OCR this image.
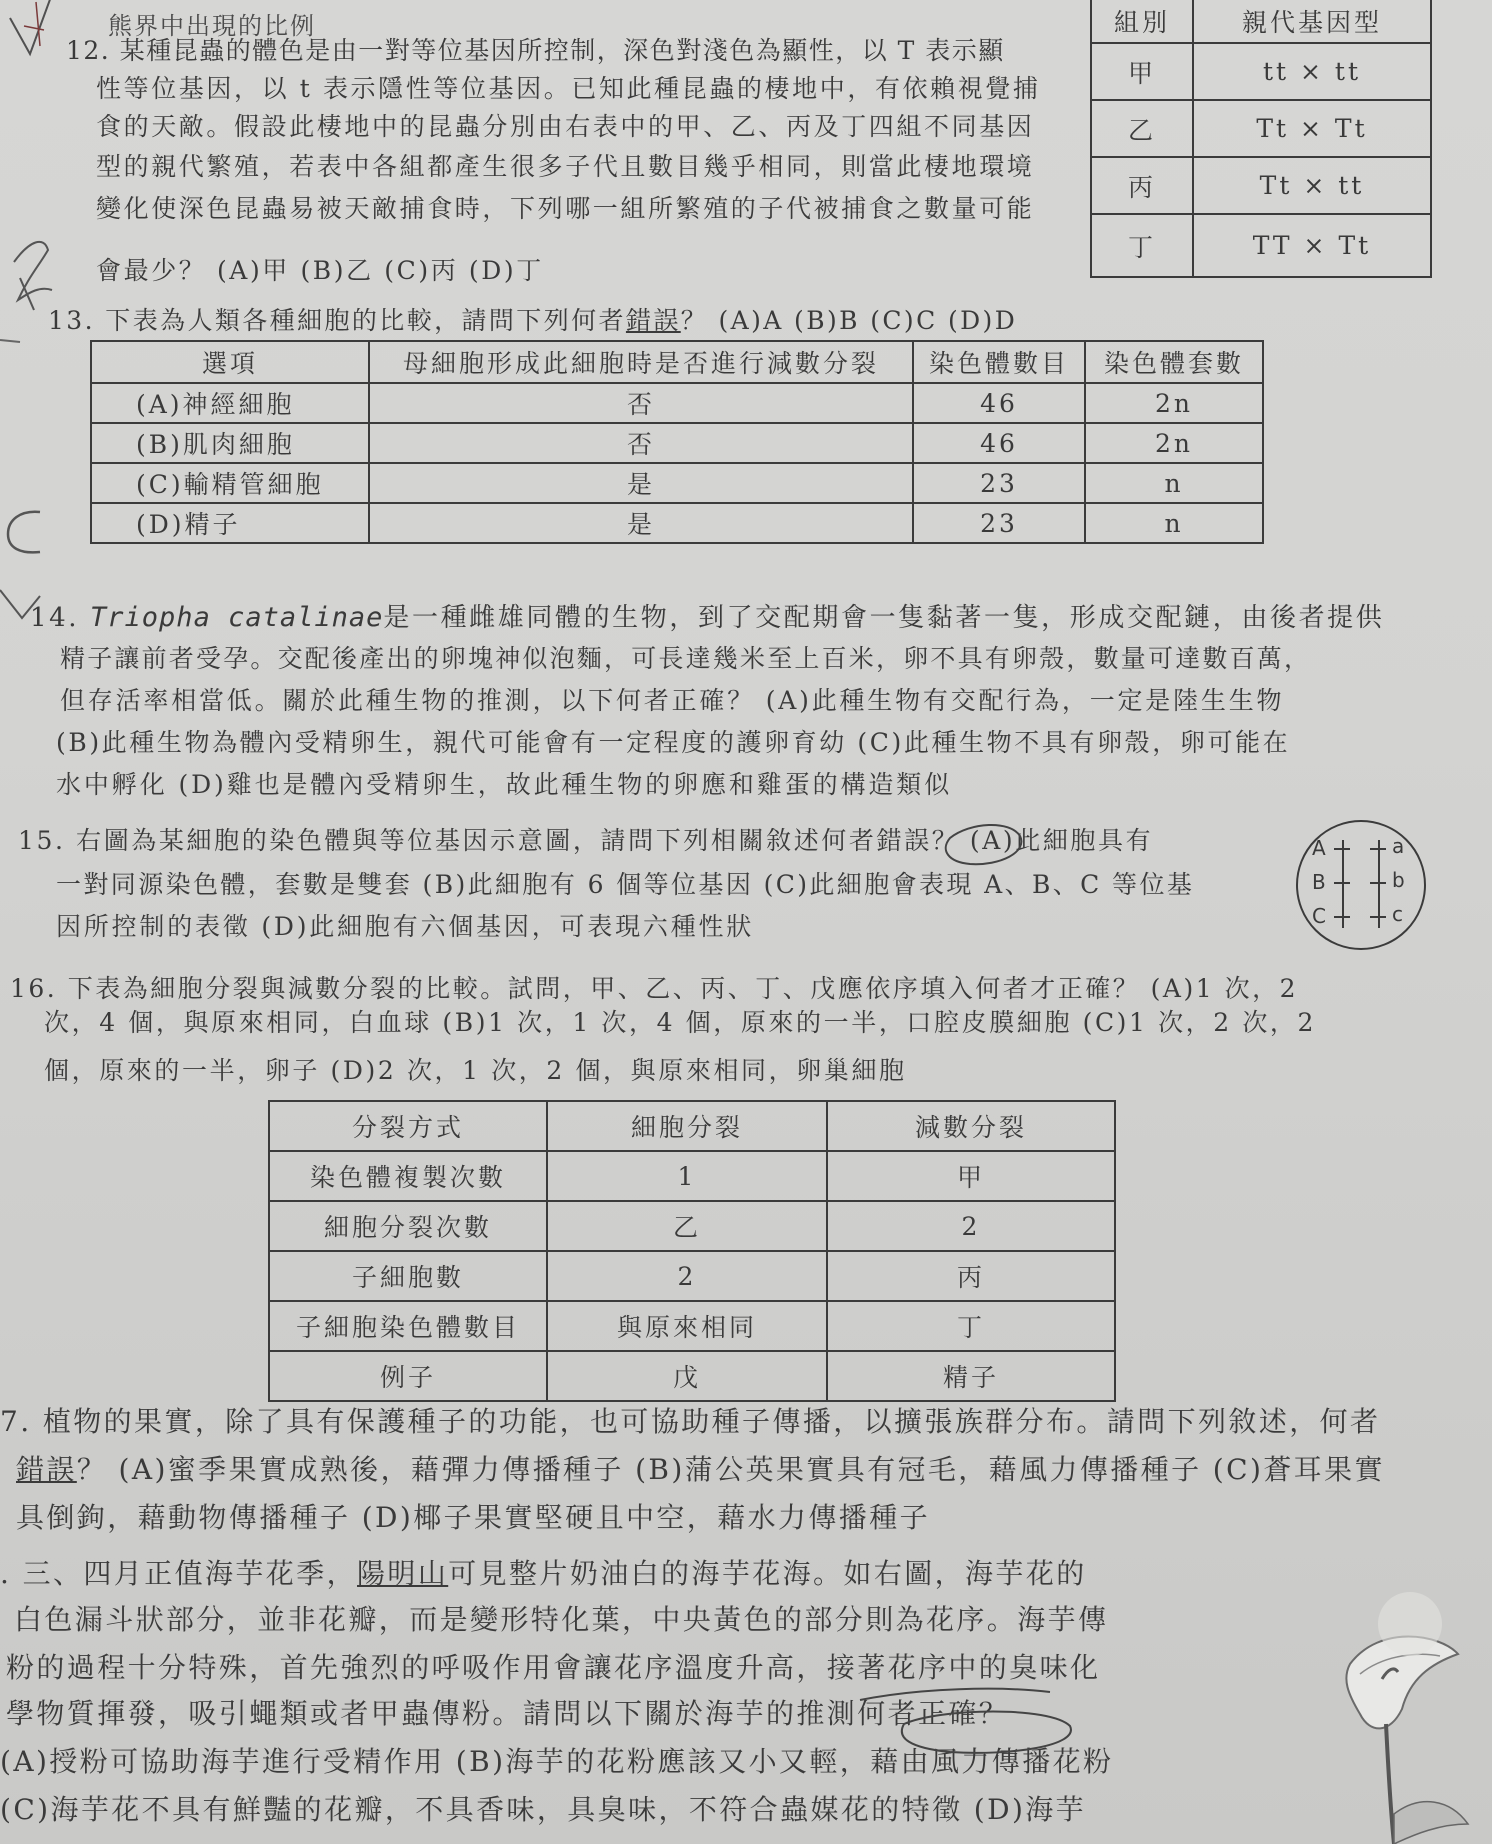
熊界中出現的比例
12. 某種昆蟲的體色是由一對等位基因所控制，深色對淺色為顯性，以 T 表示顯
性等位基因，以 t 表示隱性等位基因。已知此種昆蟲的棲地中，有依賴視覺捕
食的天敵。假設此棲地中的昆蟲分別由右表中的甲、乙、丙及丁四組不同基因
型的親代繁殖，若表中各組都產生很多子代且數目幾乎相同，則當此棲地環境
變化使深色昆蟲易被天敵捕食時，下列哪一組所繁殖的子代被捕食之數量可能
會最少？ (A)甲 (B)乙 (C)丙 (D)丁
組別	親代基因型
甲	tt × tt
乙	Tt × Tt
丙	Tt × tt
丁	TT × Tt
13. 下表為人類各種細胞的比較，請問下列何者錯誤？ (A)A (B)B (C)C (D)D
選項	母細胞形成此細胞時是否進行減數分裂	染色體數目	染色體套數
(A)神經細胞	否	46	2n
(B)肌肉細胞	否	46	2n
(C)輸精管細胞	是	23	n
(D)精子	是	23	n
14. Triopha catalinae是一種雌雄同體的生物，到了交配期會一隻黏著一隻，形成交配鏈，由後者提供
精子讓前者受孕。交配後產出的卵塊神似泡麵，可長達幾米至上百米，卵不具有卵殼，數量可達數百萬，
但存活率相當低。關於此種生物的推測，以下何者正確？ (A)此種生物有交配行為，一定是陸生生物
(B)此種生物為體內受精卵生，親代可能會有一定程度的護卵育幼 (C)此種生物不具有卵殼，卵可能在
水中孵化 (D)雞也是體內受精卵生，故此種生物的卵應和雞蛋的構造類似
15. 右圖為某細胞的染色體與等位基因示意圖，請問下列相關敘述何者錯誤？ (A)此細胞具有
一對同源染色體，套數是雙套 (B)此細胞有 6 個等位基因 (C)此細胞會表現 A、B、C 等位基
因所控制的表徵 (D)此細胞有六個基因，可表現六種性狀
A
B
C
a
b
c
16. 下表為細胞分裂與減數分裂的比較。試問，甲、乙、丙、丁、戊應依序填入何者才正確？ (A)1 次，2
次，4 個，與原來相同，白血球 (B)1 次，1 次，4 個，原來的一半，口腔皮膜細胞 (C)1 次，2 次，2
個，原來的一半，卵子 (D)2 次，1 次，2 個，與原來相同，卵巢細胞
分裂方式	細胞分裂	減數分裂
染色體複製次數	1	甲
細胞分裂次數	乙	2
子細胞數	2	丙
子細胞染色體數目	與原來相同	丁
例子	戊	精子
7. 植物的果實，除了具有保護種子的功能，也可協助種子傳播，以擴張族群分布。請問下列敘述，何者
錯誤？ (A)蜜季果實成熟後，藉彈力傳播種子 (B)蒲公英果實具有冠毛，藉風力傳播種子 (C)蒼耳果實
具倒鉤，藉動物傳播種子 (D)椰子果實堅硬且中空，藉水力傳播種子
. 三、四月正值海芋花季，陽明山可見整片奶油白的海芋花海。如右圖，海芋花的
白色漏斗狀部分，並非花瓣，而是變形特化葉，中央黃色的部分則為花序。海芋傳
粉的過程十分特殊，首先強烈的呼吸作用會讓花序溫度升高，接著花序中的臭味化
學物質揮發，吸引蠅類或者甲蟲傳粉。請問以下關於海芋的推測何者正確？
(A)授粉可協助海芋進行受精作用 (B)海芋的花粉應該又小又輕，藉由風力傳播花粉
(C)海芋花不具有鮮豔的花瓣，不具香味，具臭味，不符合蟲媒花的特徵 (D)海芋
